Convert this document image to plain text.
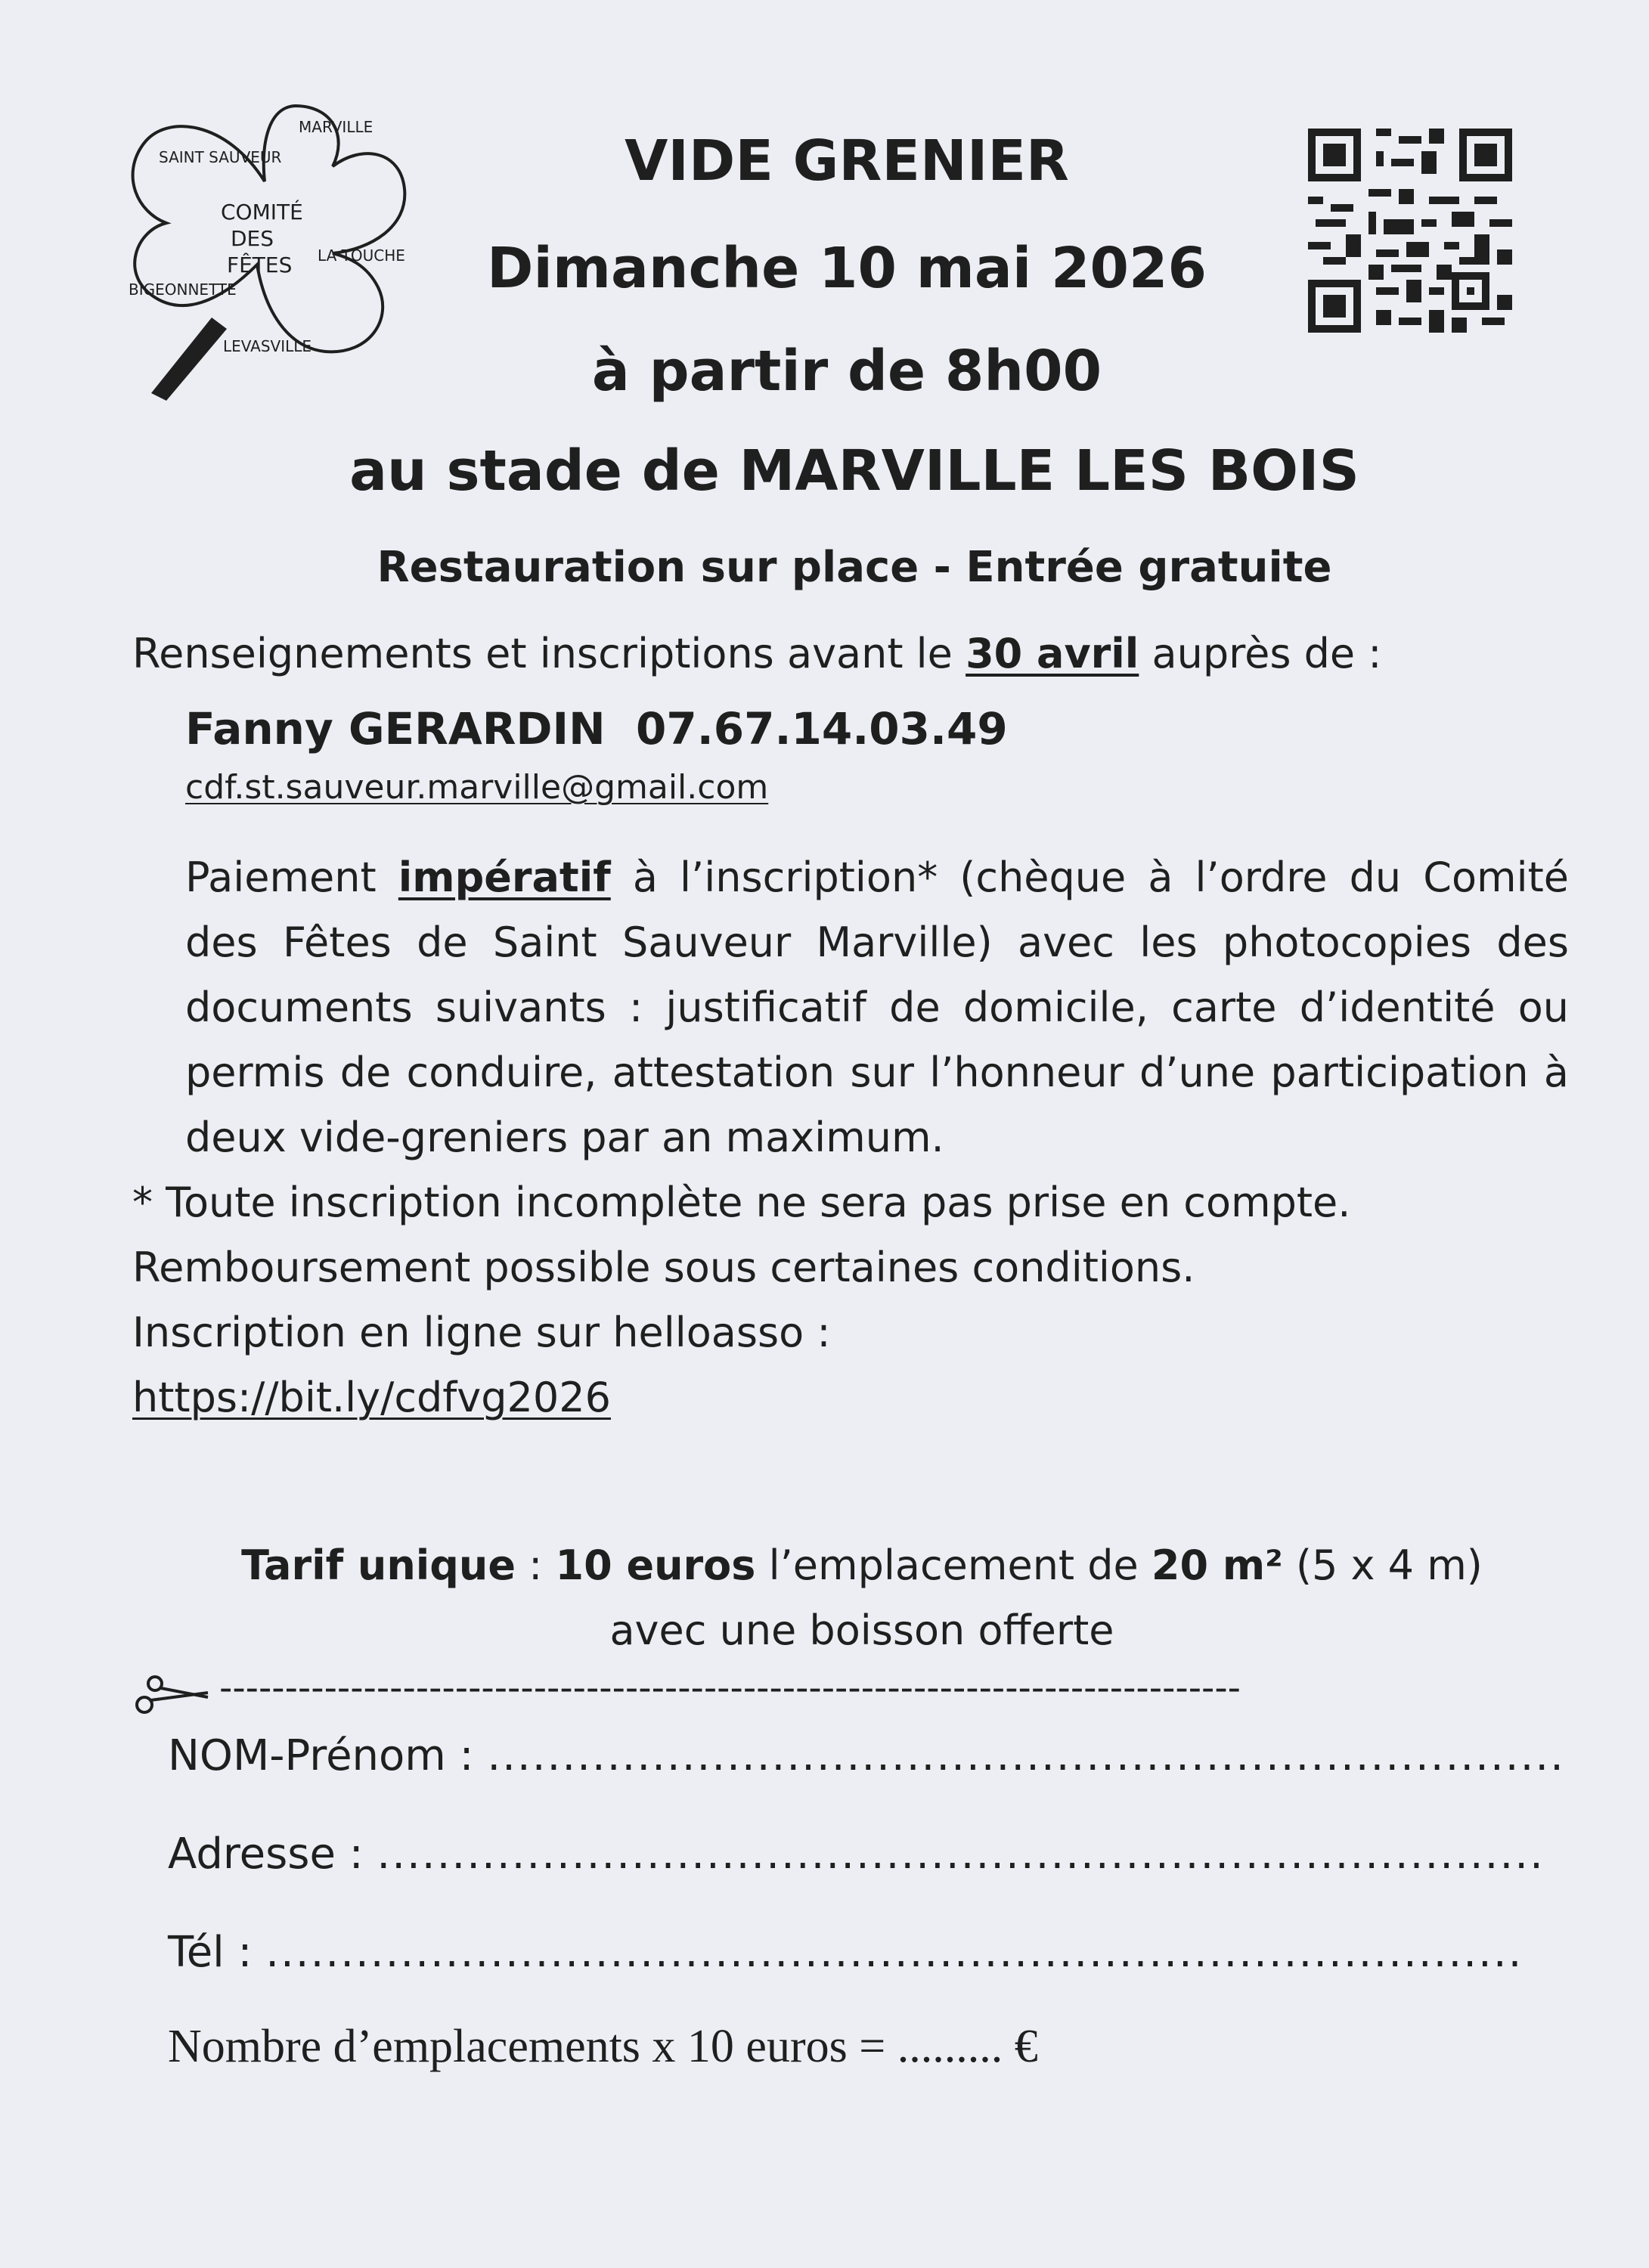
COMITÉ DES FÊTES
SAINT SAUVEUR
MARVILLE
LA TOUCHE
LEVASVILLE
BIGEONNETTE
VIDE GRENIER
Dimanche 10 mai 2026
à partir de 8h00
au stade de MARVILLE LES BOIS
Restauration sur place - Entrée gratuite
Renseignements et inscriptions avant le 30 avril auprès de :
Fanny GERARDIN  07.67.14.03.49
cdf.st.sauveur.marville@gmail.com
Paiement impératif à l’inscription* (chèque à l’ordre du Comité des Fêtes de Saint Sauveur Marville) avec les photocopies des documents suivants : justificatif de domicile, carte d’identité ou permis de conduire, attestation sur l’honneur d’une participation à deux vide-greniers par an maximum.
* Toute inscription incomplète ne sera pas prise en compte.
Remboursement possible sous certaines conditions.
Inscription en ligne sur helloasso :
https://bit.ly/cdfvg2026
Tarif unique : 10 euros l’emplacement de 20 m² (5 x 4 m)
avec une boisson offerte
------------------------------------------------------------------------------
NOM-Prénom : ........................................................................
Adresse : ..............................................................................
Tél : ....................................................................................
Nombre d’emplacements x 10 euros = ......... €
